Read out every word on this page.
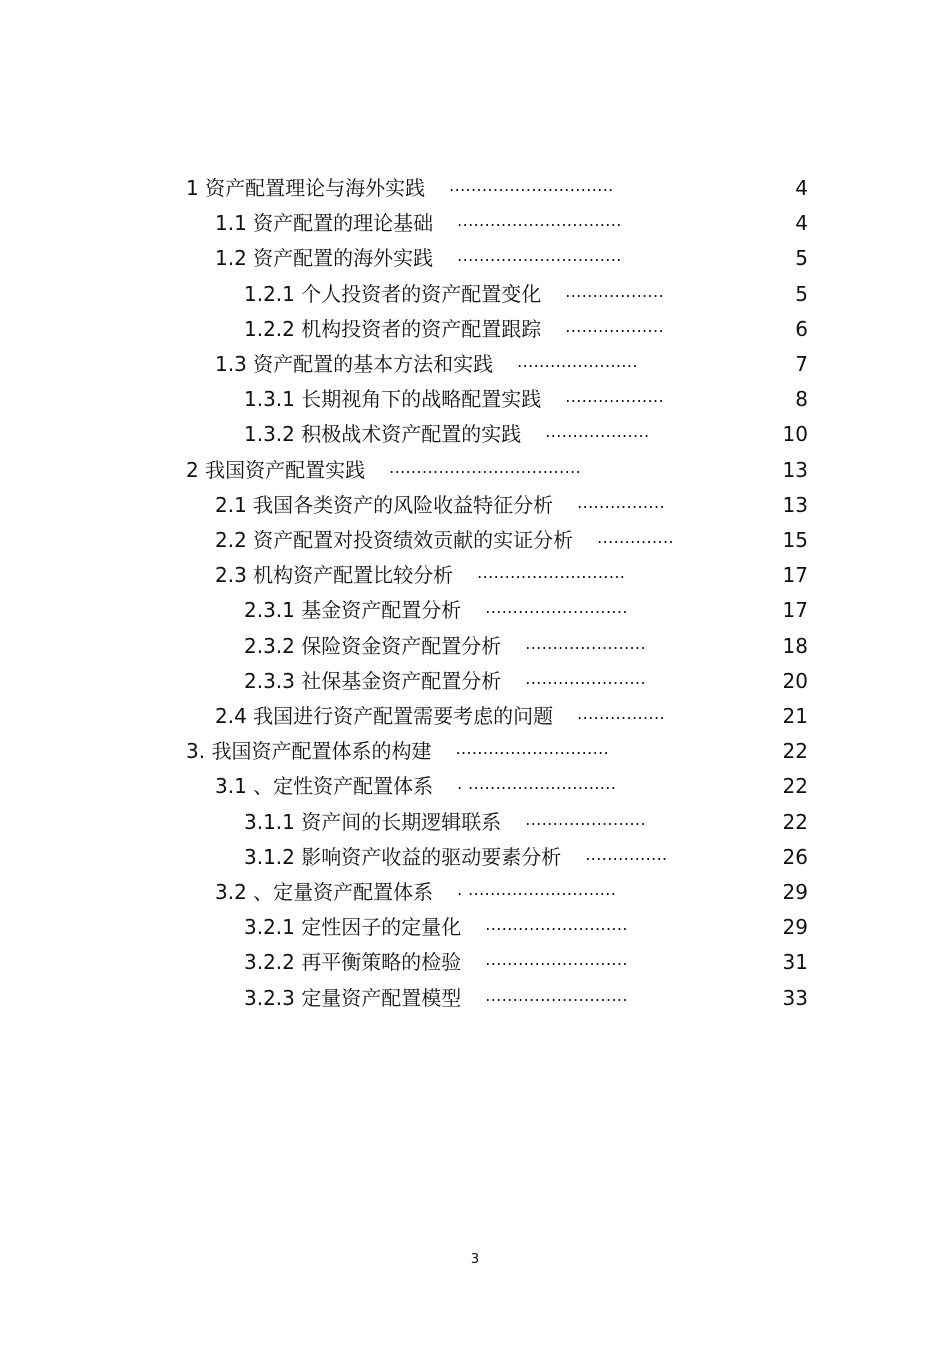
1 资产配置理论与海外实践 ..............................	4
1.1 资产配置的理论基础 ..............................	4
1.2 资产配置的海外实践 ..............................	5
1.2.1 个人投资者的资产配置变化 ..................	5
1.2.2 机构投资者的资产配置跟踪 ..................	6
1.3 资产配置的基本方法和实践 ......................	7
1.3.1 长期视角下的战略配置实践 ..................	8
1.3.2 积极战术资产配置的实践 ...................	10
2 我国资产配置实践 ...................................	13
2.1 我国各类资产的风险收益特征分析 ................	13
2.2 资产配置对投资绩效贡献的实证分析 ..............	15
2.3 机构资产配置比较分析 ...........................	17
2.3.1 基金资产配置分析 ..........................	17
2.3.2 保险资金资产配置分析 ......................	18
2.3.3 社保基金资产配置分析 ......................	20
2.4 我国进行资产配置需要考虑的问题 ................	21
3. 我国资产配置体系的构建 ............................	22
3.1 、定性资产配置体系 . ...........................	22
3.1.1 资产间的长期逻辑联系 ......................	22
3.1.2 影响资产收益的驱动要素分析 ...............	26
3.2 、定量资产配置体系 . ...........................	29
3.2.1 定性因子的定量化 ..........................	29
3.2.2 再平衡策略的检验 ..........................	31
3.2.3 定量资产配置模型 ..........................	33
3
